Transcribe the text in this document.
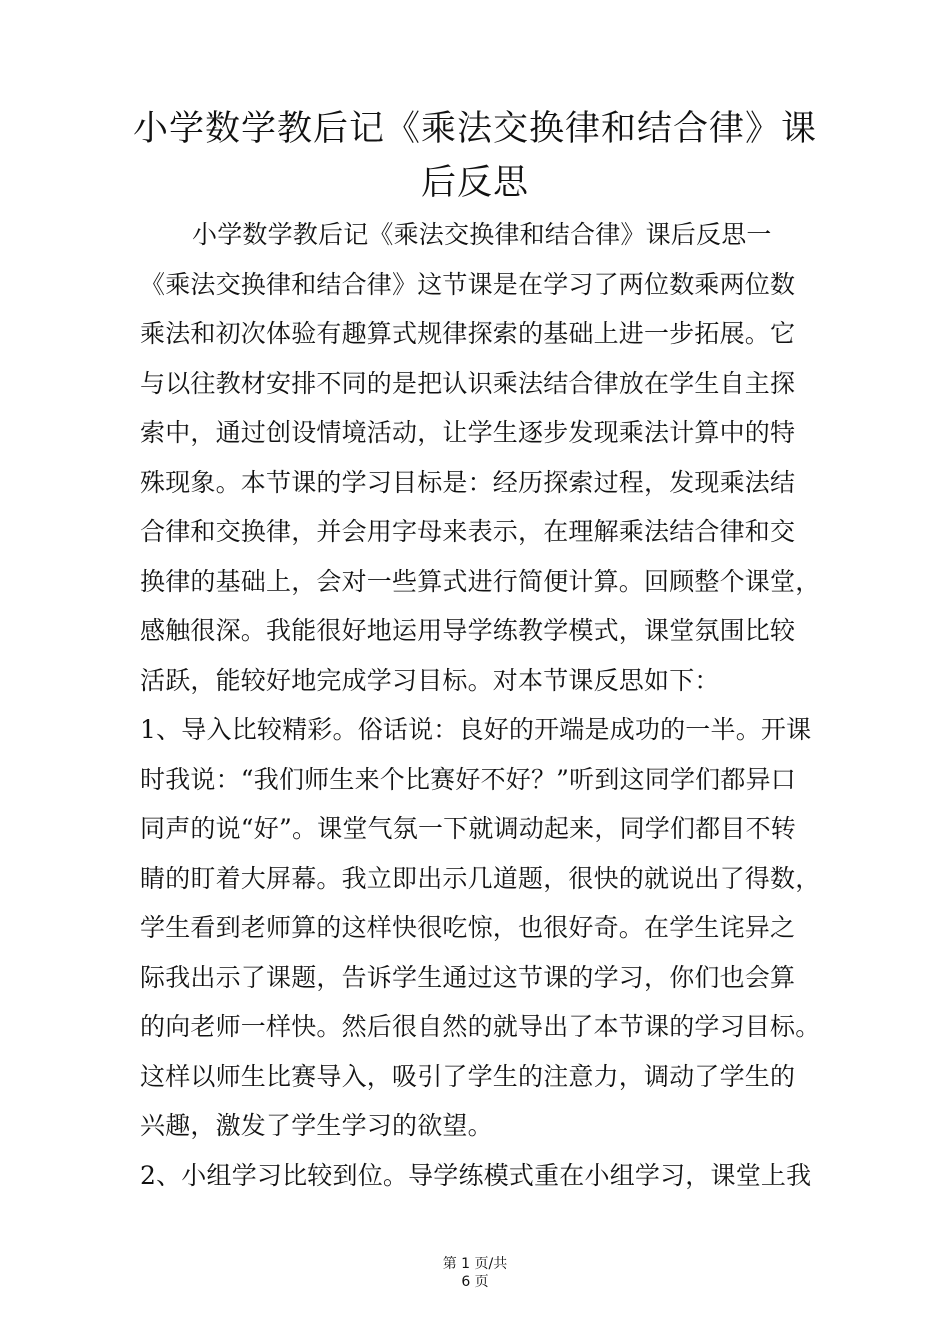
小学数学教后记《乘法交换律和结合律》课
后反思
小学数学教后记《乘法交换律和结合律》课后反思一
《乘法交换律和结合律》这节课是在学习了两位数乘两位数
乘法和初次体验有趣算式规律探索的基础上进一步拓展。它
与以往教材安排不同的是把认识乘法结合律放在学生自主探
索中，通过创设情境活动，让学生逐步发现乘法计算中的特
殊现象。本节课的学习目标是：经历探索过程，发现乘法结
合律和交换律，并会用字母来表示，在理解乘法结合律和交
换律的基础上，会对一些算式进行简便计算。回顾整个课堂，
感触很深。我能很好地运用导学练教学模式，课堂氛围比较
活跃，能较好地完成学习目标。对本节课反思如下：
1、导入比较精彩。俗话说：良好的开端是成功的一半。开课
时我说：“我们师生来个比赛好不好？”听到这同学们都异口
同声的说“好”。课堂气氛一下就调动起来，同学们都目不转
睛的盯着大屏幕。我立即出示几道题，很快的就说出了得数，
学生看到老师算的这样快很吃惊，也很好奇。在学生诧异之
际我出示了课题，告诉学生通过这节课的学习，你们也会算
的向老师一样快。然后很自然的就导出了本节课的学习目标。
这样以师生比赛导入，吸引了学生的注意力，调动了学生的
兴趣，激发了学生学习的欲望。
2、小组学习比较到位。导学练模式重在小组学习，课堂上我
第 1 页/共
6 页
